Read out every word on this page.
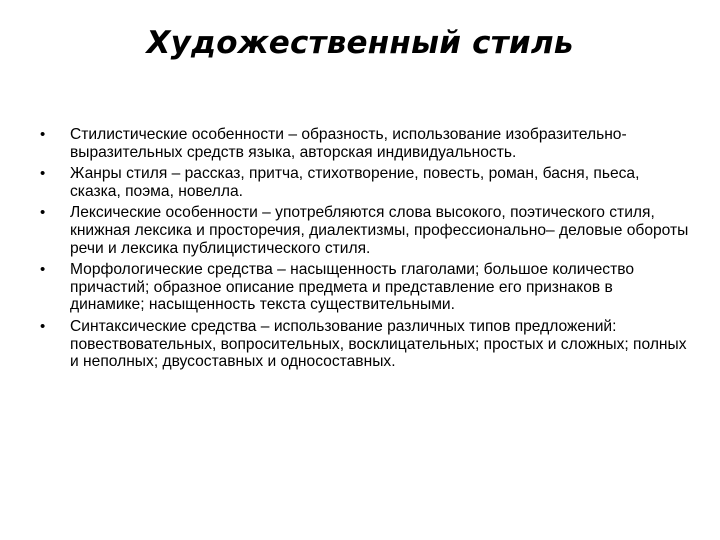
Художественный стиль
•	Стилистические особенности – образность, использование изобразительно-выразительных средств языка, авторская индивидуальность.
•	Жанры стиля – рассказ, притча, стихотворение, повесть, роман, басня, пьеса, сказка, поэма, новелла.
•	Лексические особенности – употребляются слова высокого, поэтического стиля, книжная лексика и просторечия, диалектизмы, профессионально– деловые обороты речи и лексика публицистического стиля.
•	Морфологические средства – насыщенность глаголами; большое количество причастий; образное описание предмета и представление его признаков в динамике; насыщенность текста существительными.
•	Синтаксические средства – использование различных типов предложений: повествовательных, вопросительных, восклицательных; простых и сложных; полных и неполных; двусоставных и односоставных.
